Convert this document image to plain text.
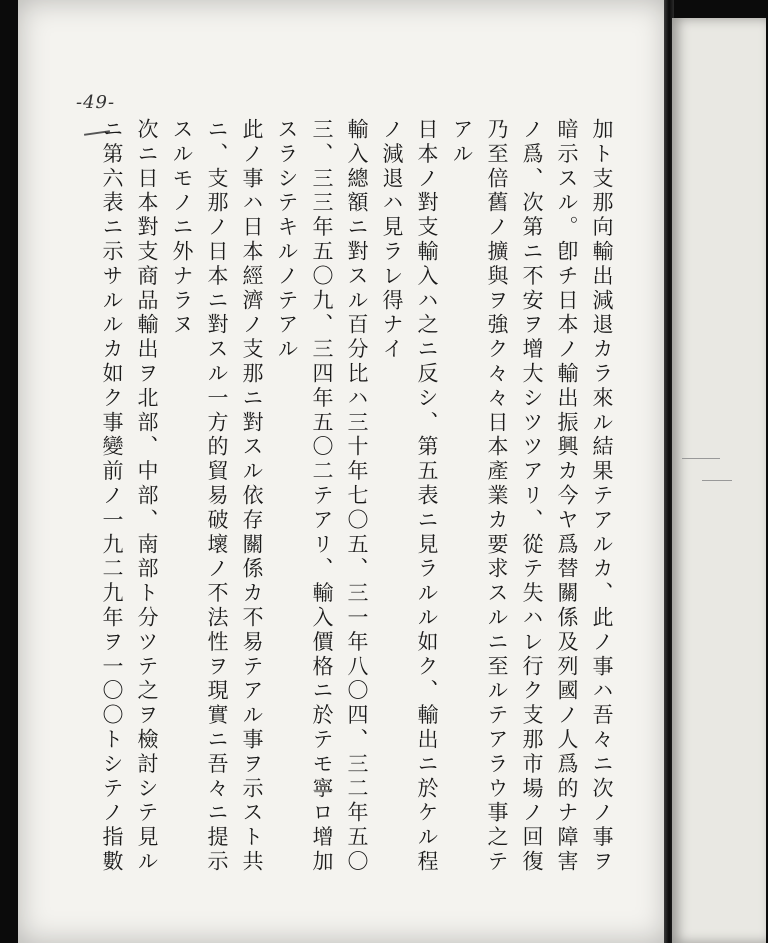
-49-
加ト支那向輸出減退カラ來ル結果テアルカ、此ノ事ハ吾々ニ次ノ事ヲ
暗示スル。卽チ日本ノ輸出振興カ今ヤ爲替關係及列國ノ人爲的ナ障害
ノ爲、次第ニ不安ヲ增大シツツアリ、從テ失ハレ行ク支那市場ノ回復
乃至倍舊ノ擴與ヲ強ク々々日本產業カ要求スルニ至ルテアラウ事之テ
アル
日本ノ對支輸入ハ之ニ反シ、第五表ニ見ラルル如ク、輸出ニ於ケル程
ノ減退ハ見ラレ得ナイ
輸入總額ニ對スル百分比ハ三十年七〇五、三一年八〇四、三二年五〇
三、三三年五〇九、三四年五〇二テアリ、輸入價格ニ於テモ寧ロ增加
スラシテキルノテアル
此ノ事ハ日本經濟ノ支那ニ對スル依存關係カ不易テアル事ヲ示スト共
ニ、支那ノ日本ニ對スル一方的貿易破壞ノ不法性ヲ現實ニ吾々ニ提示
スルモノニ外ナラヌ
次ニ日本對支商品輸出ヲ北部、中部、南部ト分ツテ之ヲ檢討シテ見ル
ニ第六表ニ示サルルカ如ク事變前ノ一九二九年ヲ一〇〇トシテノ指數
